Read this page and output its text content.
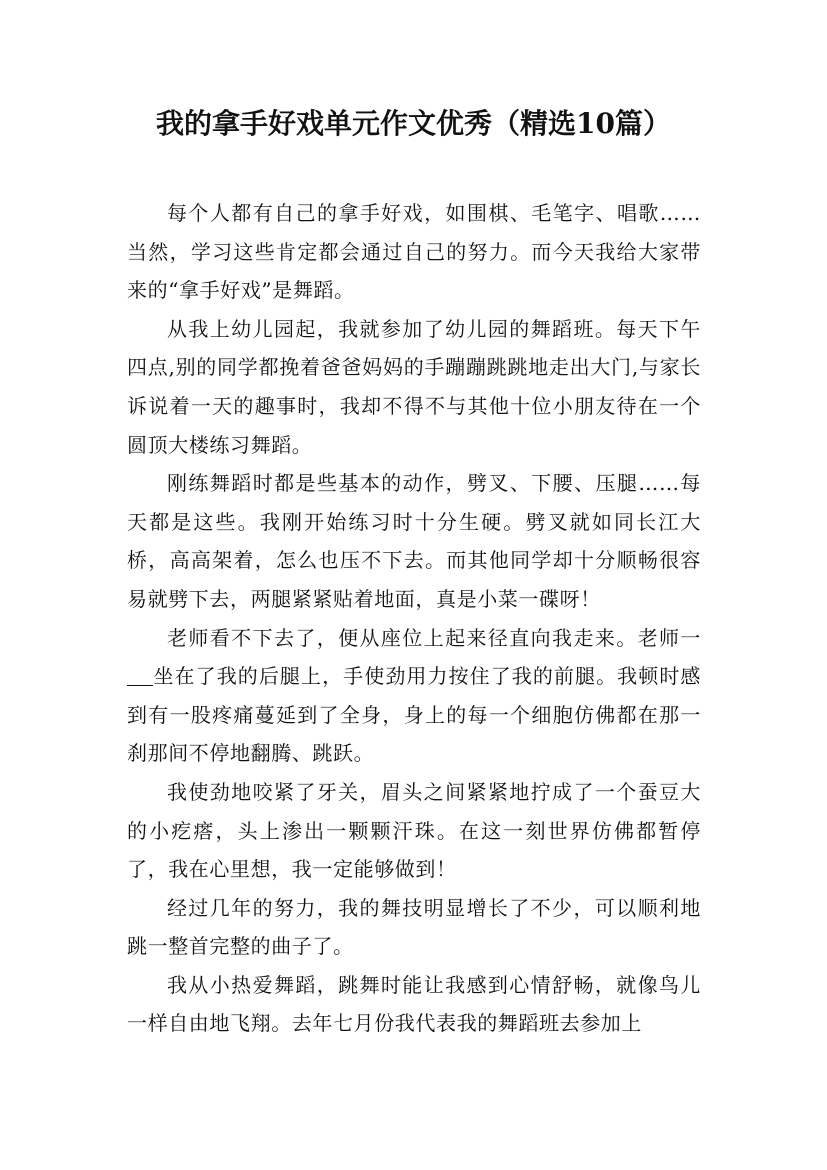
我的拿手好戏单元作文优秀（精选10篇）

每个人都有自己的拿手好戏，如围棋、毛笔字、唱歌……当然，学习这些肯定都会通过自己的努力。而今天我给大家带来的“拿手好戏”是舞蹈。

从我上幼儿园起，我就参加了幼儿园的舞蹈班。每天下午四点,别的同学都挽着爸爸妈妈的手蹦蹦跳跳地走出大门,与家长诉说着一天的趣事时，我却不得不与其他十位小朋友待在一个圆顶大楼练习舞蹈。

刚练舞蹈时都是些基本的动作，劈叉、下腰、压腿……每天都是这些。我刚开始练习时十分生硬。劈叉就如同长江大桥，高高架着，怎么也压不下去。而其他同学却十分顺畅很容易就劈下去，两腿紧紧贴着地面，真是小菜一碟呀！

老师看不下去了，便从座位上起来径直向我走来。老师一坐在了我的后腿上，手使劲用力按住了我的前腿。我顿时感到有一股疼痛蔓延到了全身，身上的每一个细胞仿佛都在那一刹那间不停地翻腾、跳跃。

我使劲地咬紧了牙关，眉头之间紧紧地拧成了一个蚕豆大的小疙瘩，头上渗出一颗颗汗珠。在这一刻世界仿佛都暂停了，我在心里想，我一定能够做到！

经过几年的努力，我的舞技明显增长了不少，可以顺利地跳一整首完整的曲子了。

我从小热爱舞蹈，跳舞时能让我感到心情舒畅，就像鸟儿一样自由地飞翔。去年七月份我代表我的舞蹈班去参加上
